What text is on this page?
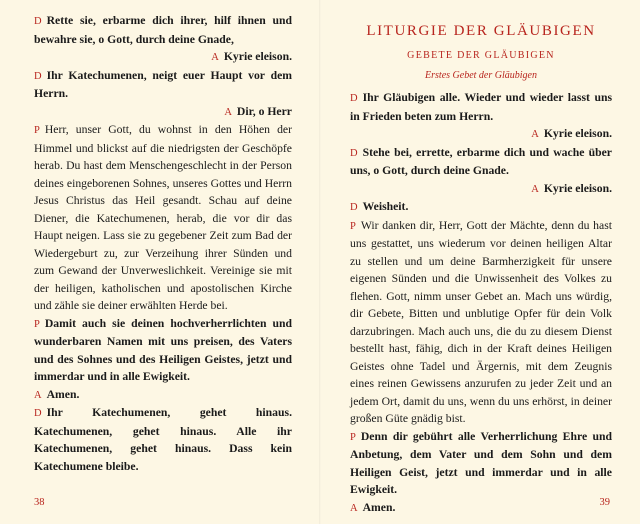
D Rette sie, erbarme dich ihrer, hilf ihnen und bewahre sie, o Gott, durch deine Gnade,

A Kyrie eleison.

D Ihr Katechumenen, neigt euer Haupt vor dem Herrn.

A Dir, o Herr

P Herr, unser Gott, du wohnst in den Höhen der Himmel und blickst auf die niedrigsten der Geschöpfe herab. Du hast dem Menschengeschlecht in der Person deines eingeborenen Sohnes, unseres Gottes und Herrn Jesus Christus das Heil gesandt. Schau auf deine Diener, die Katechumenen, herab, die vor dir das Haupt neigen. Lass sie zu gegebener Zeit zum Bad der Wiedergeburt zu, zur Verzeihung ihrer Sünden und zum Gewand der Unverweslichkeit. Vereinige sie mit der heiligen, katholischen und apostolischen Kirche und zähle sie deiner erwählten Herde bei.

P Damit auch sie deinen hochverherrlichten und wunderbaren Namen mit uns preisen, des Vaters und des Sohnes und des Heiligen Geistes, jetzt und immerdar und in alle Ewigkeit.

A Amen.

D Ihr Katechumenen, gehet hinaus. Katechumenen, gehet hinaus. Alle ihr Katechumenen, gehet hinaus. Dass kein Katechumene bleibe.

38
LITURGIE DER GLÄUBIGEN
GEBETE DER GLÄUBIGEN
Erstes Gebet der Gläubigen

D Ihr Gläubigen alle. Wieder und wieder lasst uns in Frieden beten zum Herrn.

A Kyrie eleison.

D Stehe bei, errette, erbarme dich und wache über uns, o Gott, durch deine Gnade.

A Kyrie eleison.

D Weisheit.

P Wir danken dir, Herr, Gott der Mächte, denn du hast uns gestattet, uns wiederum vor deinen heiligen Altar zu stellen und um deine Barmherzigkeit für unsere eigenen Sünden und die Unwissenheit des Volkes zu flehen. Gott, nimm unser Gebet an. Mach uns würdig, dir Gebete, Bitten und unblutige Opfer für dein Volk darzubringen. Mach auch uns, die du zu diesem Dienst bestellt hast, fähig, dich in der Kraft deines Heiligen Geistes ohne Tadel und Ärgernis, mit dem Zeugnis eines reinen Gewissens anzurufen zu jeder Zeit und an jedem Ort, damit du uns, wenn du uns erhörst, in deiner großen Güte gnädig bist.

P Denn dir gebührt alle Verherrlichung Ehre und Anbetung, dem Vater und dem Sohn und dem Heiligen Geist, jetzt und immerdar und in alle Ewigkeit.

A Amen.	39
